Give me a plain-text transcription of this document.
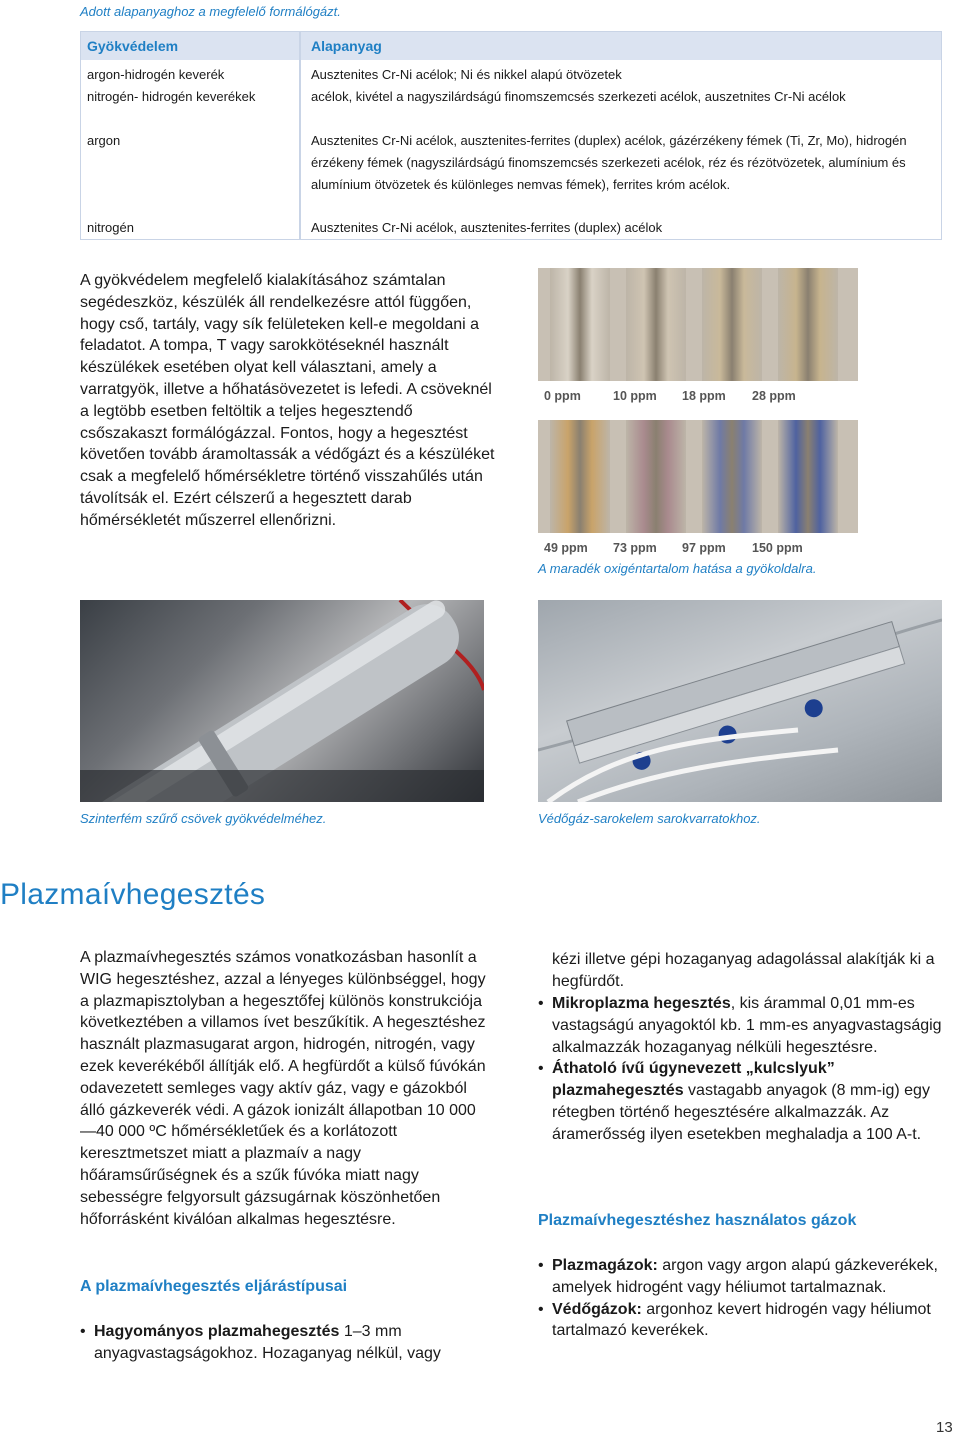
Adott alapanyaghoz a megfelelő formálógázt.
Gyökvédelem	Alapanyag
argon-hidrogén keverék	Ausztenites Cr-Ni acélok; Ni és nikkel alapú ötvözetek
nitrogén- hidrogén keverékek	acélok, kivétel a nagyszilárdságú finomszemcsés szerkezeti acélok, auszetnites Cr-Ni acélok
argon	Ausztenites Cr-Ni acélok, ausztenites-ferrites (duplex) acélok, gázérzékeny fémek (Ti, Zr, Mo), hidrogén érzékeny fémek (nagyszilárdságú finomszemcsés szerkezeti acélok, réz és rézötvözetek, alumínium és alumínium ötvözetek és különleges nemvas fémek), ferrites króm acélok.
nitrogén	Ausztenites Cr-Ni acélok, ausztenites-ferrites (duplex) acélok

A gyökvédelem megfelelő kialakításához számtalan segédeszköz, készülék áll rendelkezésre attól függően, hogy cső, tartály, vagy sík felületeken kell-e megoldani a feladatot. A tompa, T vagy sarokkötéseknél használt készülékek esetében olyat kell választani, amely a varratgyök, illetve a hőhatásövezetet is lefedi. A csöveknél a legtöbb esetben feltöltik a teljes hegesztendő csőszakaszt formálógázzal. Fontos, hogy a hegesztést követően tovább áramoltassák a védőgázt és a készüléket csak a megfelelő hőmérsékletre történő visszahűlés után távolítsák el. Ezért célszerű a hegesztett darab hőmérsékletét műszerrel ellenőrizni.

0 ppm	10 ppm 18 ppm 28 ppm
49 ppm 73 ppm 97 ppm 150 ppm
A maradék oxigéntartalom hatása a gyökoldalra.
Szinterfém szűrő csövek gyökvédelméhez.	Védőgáz-sarokelem sarokvarratokhoz.
Plazmaívhegesztés

A plazmaívhegesztés számos vonatkozásban hasonlít a WIG hegesztéshez, azzal a lényeges különbséggel, hogy a plazmapisztolyban a hegesztőfej különös konstrukciója következtében a villamos ívet beszűkítik. A hegesztéshez használt plazmasugarat argon, hidrogén, nitrogén, vagy ezek keverékéből állítják elő. A hegfürdőt a külső fúvókán odavezetett semleges vagy aktív gáz, vagy e gázokból álló gázkeverék védi. A gázok ionizált állapotban 10 000—40 000 ºC hőmérsékletűek és a korlátozott keresztmetszet miatt a plazmaív a nagy hőáramsűrűségnek és a szűk fúvóka miatt nagy sebességre felgyorsult gázsugárnak köszönhetően hőforrásként kiválóan alkalmas hegesztésre.

A plazmaívhegesztés eljárástípusai
• Hagyományos plazmahegesztés 1–3 mm anyagvastagságokhoz. Hozaganyag nélkül, vagy
kézi illetve gépi hozaganyag adagolással alakítják ki a hegfürdőt.
• Mikroplazma hegesztés, kis árammal 0,01 mm-es vastagságú anyagoktól kb. 1 mm-es anyagvastagságig alkalmazzák hozaganyag nélküli hegesztésre.
• Áthatoló ívű úgynevezett „kulcslyuk” plazmahegesztés vastagabb anyagok (8 mm-ig) egy rétegben történő hegesztésére alkalmazzák. Az áramerősség ilyen esetekben meghaladja a 100 A-t.
Plazmaívhegesztéshez használatos gázok
• Plazmagázok: argon vagy argon alapú gázkeverékek, amelyek hidrogént vagy héliumot tartalmaznak.
• Védőgázok: argonhoz kevert hidrogén vagy héliumot tartalmazó keverékek.
13
